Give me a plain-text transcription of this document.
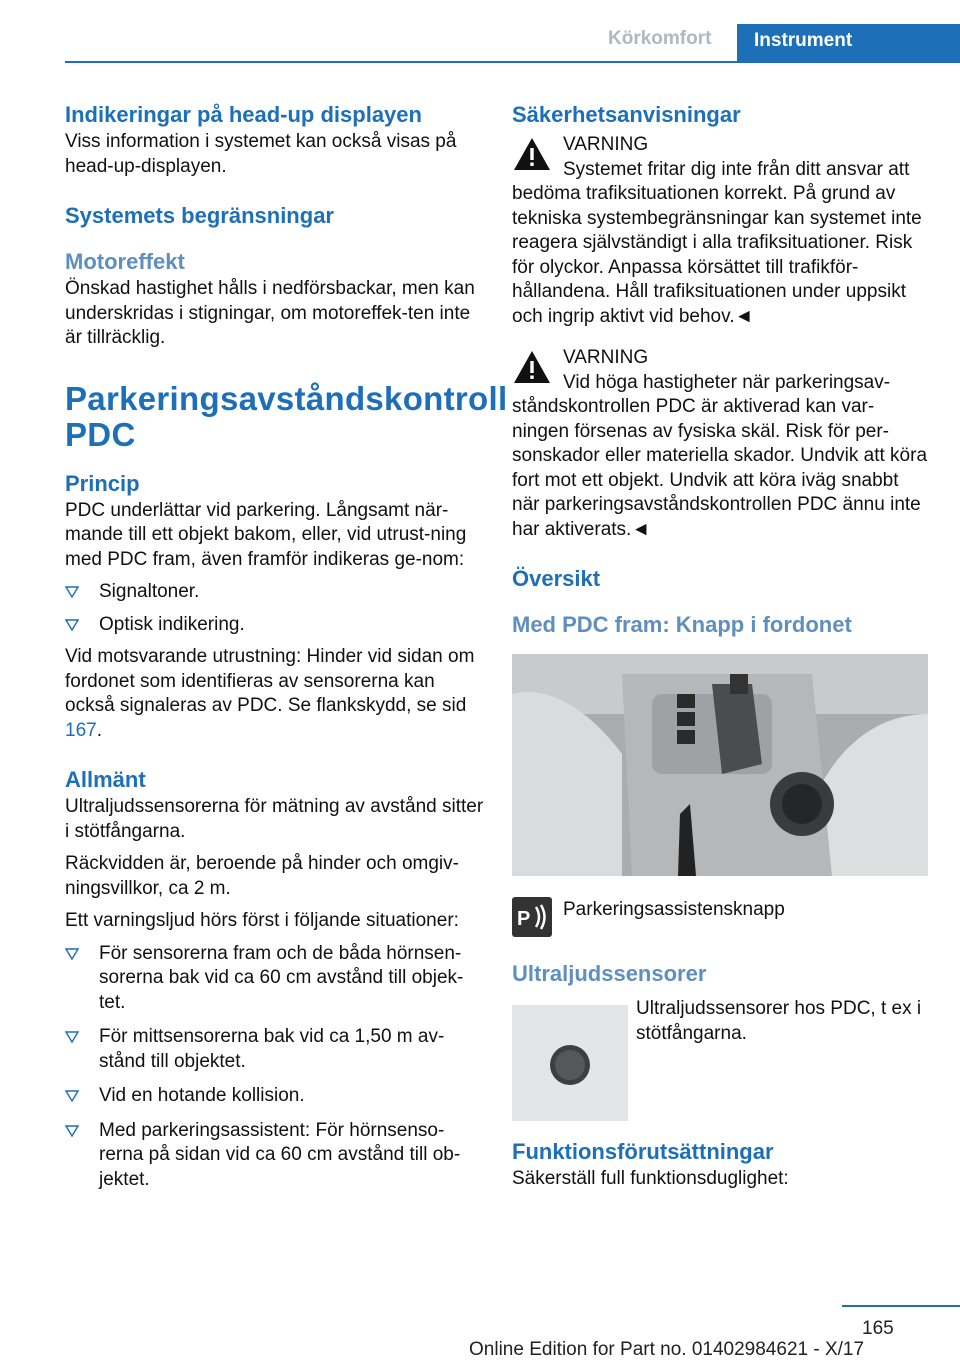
Körkomfort	Instrument
Indikeringar på head-up displayen

Viss information i systemet kan också visas på head-up-displayen.

Systemets begränsningar
Motoreffekt

Önskad hastighet hålls i nedförsbackar, men kan underskridas i stigningar, om motoreffek-ten inte är tillräcklig.

Parkeringsavståndskontroll PDC
Princip

PDC underlättar vid parkering. Långsamt när-mande till ett objekt bakom, eller, vid utrust-ning med PDC fram, även framför indikeras ge-nom:

Signaltoner.
Optisk indikering.

Vid motsvarande utrustning: Hinder vid sidan om fordonet som identifieras av sensorerna kan också signaleras av PDC. Se flankskydd, se sid 167.

Allmänt

Ultraljudssensorerna för mätning av avstånd sitter i stötfångarna.

Räckvidden är, beroende på hinder och omgiv-ningsvillkor, ca 2 m.

Ett varningsljud hörs först i följande situationer:

För sensorerna fram och de båda hörnsen-sorerna bak vid ca 60 cm avstånd till objek-tet.
För mittsensorerna bak vid ca 1,50 m av-stånd till objektet.
Vid en hotande kollision.
Med parkeringsassistent: För hörnsenso-rerna på sidan vid ca 60 cm avstånd till ob-jektet.
Säkerhetsanvisningar
VARNING
Systemet fritar dig inte från ditt ansvar att

bedöma trafiksituationen korrekt. På grund av tekniska systembegränsningar kan systemet inte reagera självständigt i alla trafiksituationer. Risk för olyckor. Anpassa körsättet till trafikför-hållandena. Håll trafiksituationen under uppsikt och ingrip aktivt vid behov.◄

VARNING
Vid höga hastigheter när parkeringsav-

ståndskontrollen PDC är aktiverad kan var-ningen försenas av fysiska skäl. Risk för per-sonskador eller materiella skador. Undvik att köra fort mot ett objekt. Undvik att köra iväg snabbt när parkeringsavståndskontrollen PDC ännu inte har aktiverats.◄

Översikt
Med PDC fram: Knapp i fordonet
P Parkeringsassistensknapp
Ultraljudssensorer
Ultraljudssensorer hos PDC, t ex i stötfångarna.
Funktionsförutsättningar

Säkerställ full funktionsduglighet:

165
Online Edition for Part no. 01402984621 - X/17
